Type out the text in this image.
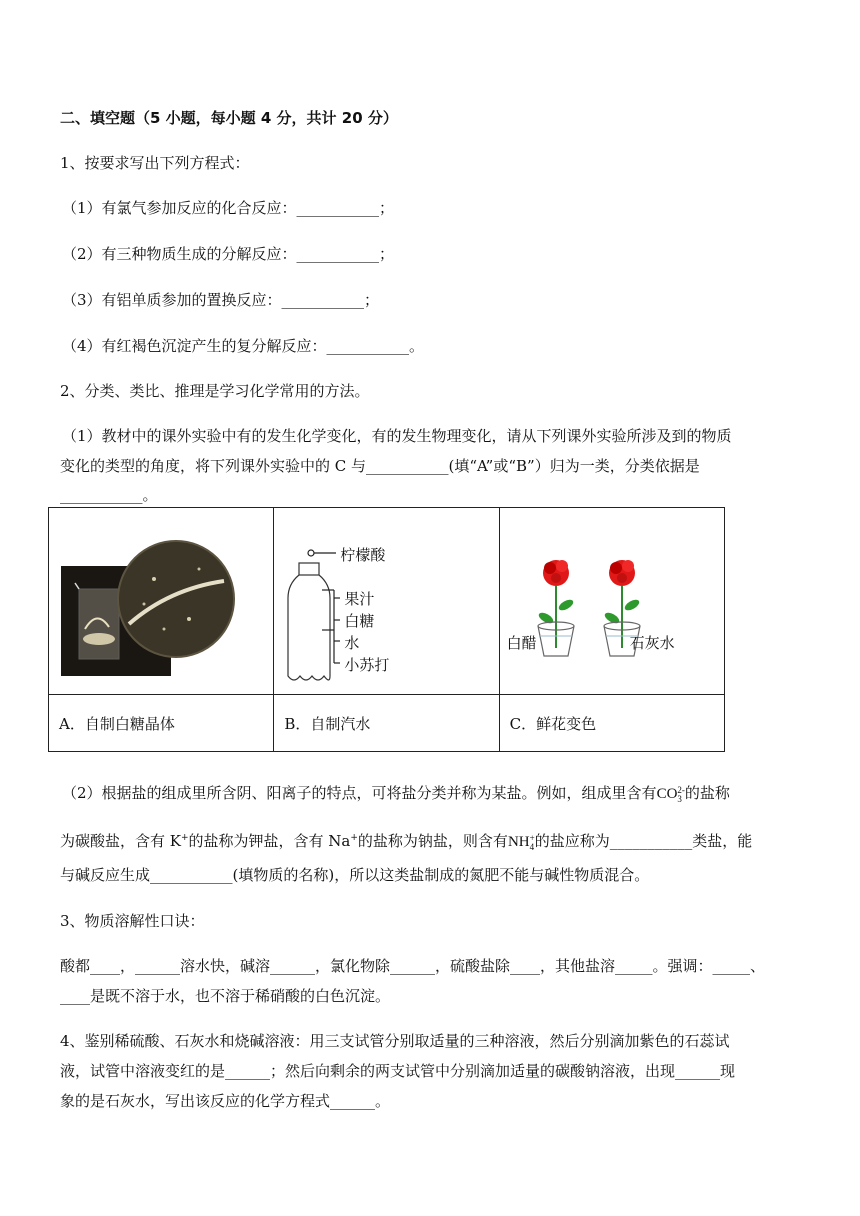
二、填空题（5 小题，每小题 4 分，共计 20 分）
1、按要求写出下列方程式：
（1）有氯气参加反应的化合反应：___________；
（2）有三种物质生成的分解反应：___________；
（3）有铝单质参加的置换反应：___________；
（4）有红褐色沉淀产生的复分解反应：___________。
2、分类、类比、推理是学习化学常用的方法。
（1）教材中的课外实验中有的发生化学变化，有的发生物理变化，请从下列课外实验所涉及到的物质
变化的类型的角度，将下列课外实验中的 C 与___________(填“A”或“B”）归为一类，分类依据是
___________。

柠檬酸
果汁
白糖
水
小苏打	白醋 石灰水

A．自制白糖晶体	B．自制汽水	C．鲜花变色
（2）根据盐的组成里所含阴、阳离子的特点，可将盐分类并称为某盐。例如，组成里含有CO 2-
3 的盐称
为碳酸盐，含有 K+的盐称为钾盐，含有 Na+的盐称为钠盐，则含有NH +
4 的盐应称为___________类盐，能
与碱反应生成___________(填物质的名称)，所以这类盐制成的氮肥不能与碱性物质混合。
3、物质溶解性口诀：
酸都____，______溶水快，碱溶______，氯化物除______，硫酸盐除____，其他盐溶_____。强调：_____、
____是既不溶于水，也不溶于稀硝酸的白色沉淀。
4、鉴别稀硫酸、石灰水和烧碱溶液：用三支试管分别取适量的三种溶液，然后分别滴加紫色的石蕊试
液，试管中溶液变红的是______；然后向剩余的两支试管中分别滴加适量的碳酸钠溶液，出现______现
象的是石灰水，写出该反应的化学方程式______。
